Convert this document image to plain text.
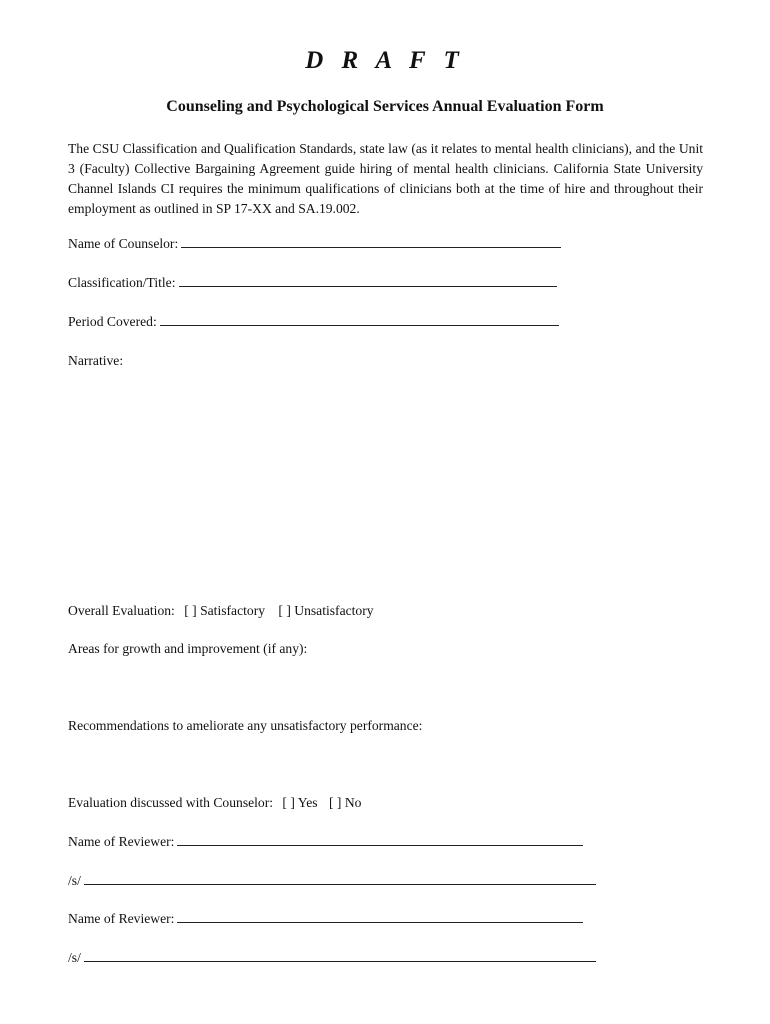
D R A F T
Counseling and Psychological Services Annual Evaluation Form
The CSU Classification and Qualification Standards, state law (as it relates to mental health clinicians), and the Unit 3 (Faculty) Collective Bargaining Agreement guide hiring of mental health clinicians. California State University Channel Islands CI requires the minimum qualifications of clinicians both at the time of hire and throughout their employment as outlined in SP 17-XX and SA.19.002.
Name of Counselor:
Classification/Title:
Period Covered:
Narrative:
Overall Evaluation: [ ] Satisfactory [ ] Unsatisfactory
Areas for growth and improvement (if any):
Recommendations to ameliorate any unsatisfactory performance:
Evaluation discussed with Counselor: [ ] Yes [ ] No
Name of Reviewer:
/s/
Name of Reviewer:
/s/
